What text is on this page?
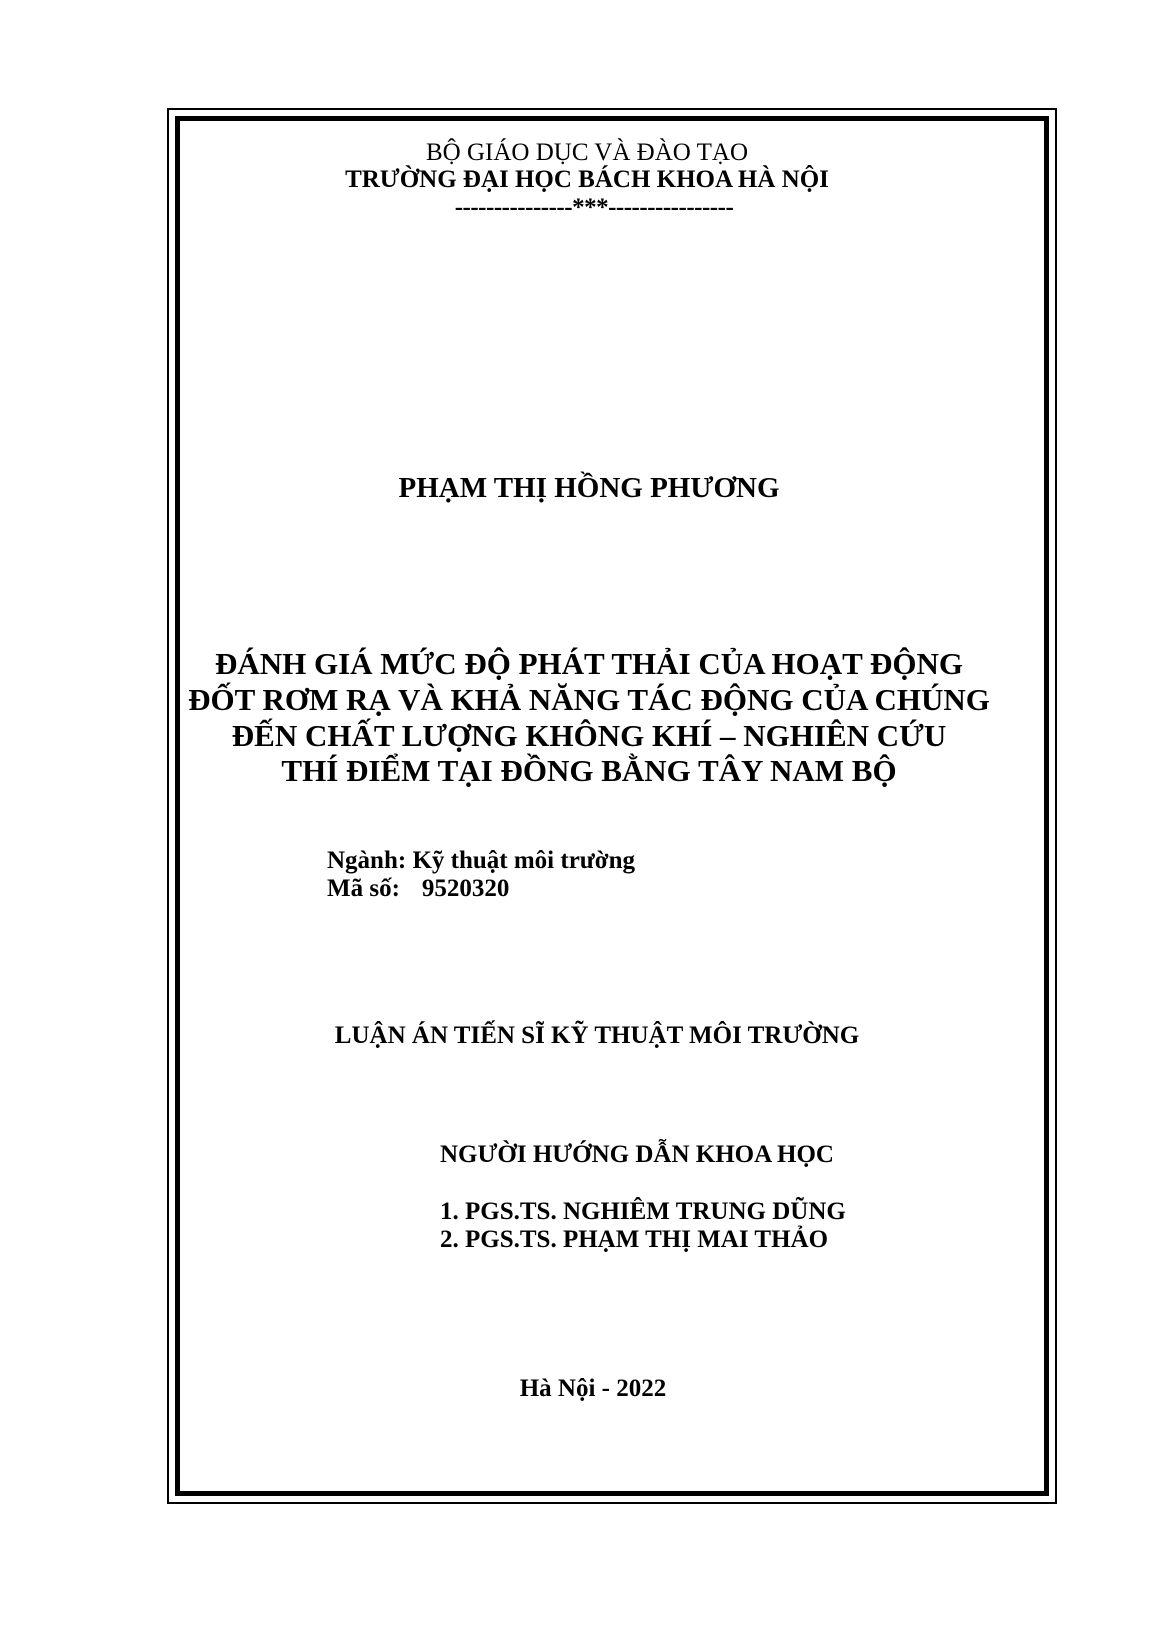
BỘ GIÁO DỤC VÀ ĐÀO TẠO
TRƯỜNG ĐẠI HỌC BÁCH KHOA HÀ NỘI
---------------***----------------
PHẠM THỊ HỒNG PHƯƠNG
ĐÁNH GIÁ MỨC ĐỘ PHÁT THẢI CỦA HOẠT ĐỘNG
ĐỐT RƠM RẠ VÀ KHẢ NĂNG TÁC ĐỘNG CỦA CHÚNG
ĐẾN CHẤT LƯỢNG KHÔNG KHÍ – NGHIÊN CỨU
THÍ ĐIỂM TẠI ĐỒNG BẰNG TÂY NAM BỘ
Ngành: Kỹ thuật môi trường
Mã số: 9520320
LUẬN ÁN TIẾN SĨ KỸ THUẬT MÔI TRƯỜNG
NGƯỜI HƯỚNG DẪN KHOA HỌC
1. PGS.TS. NGHIÊM TRUNG DŨNG
2. PGS.TS. PHẠM THỊ MAI THẢO
Hà Nội - 2022
